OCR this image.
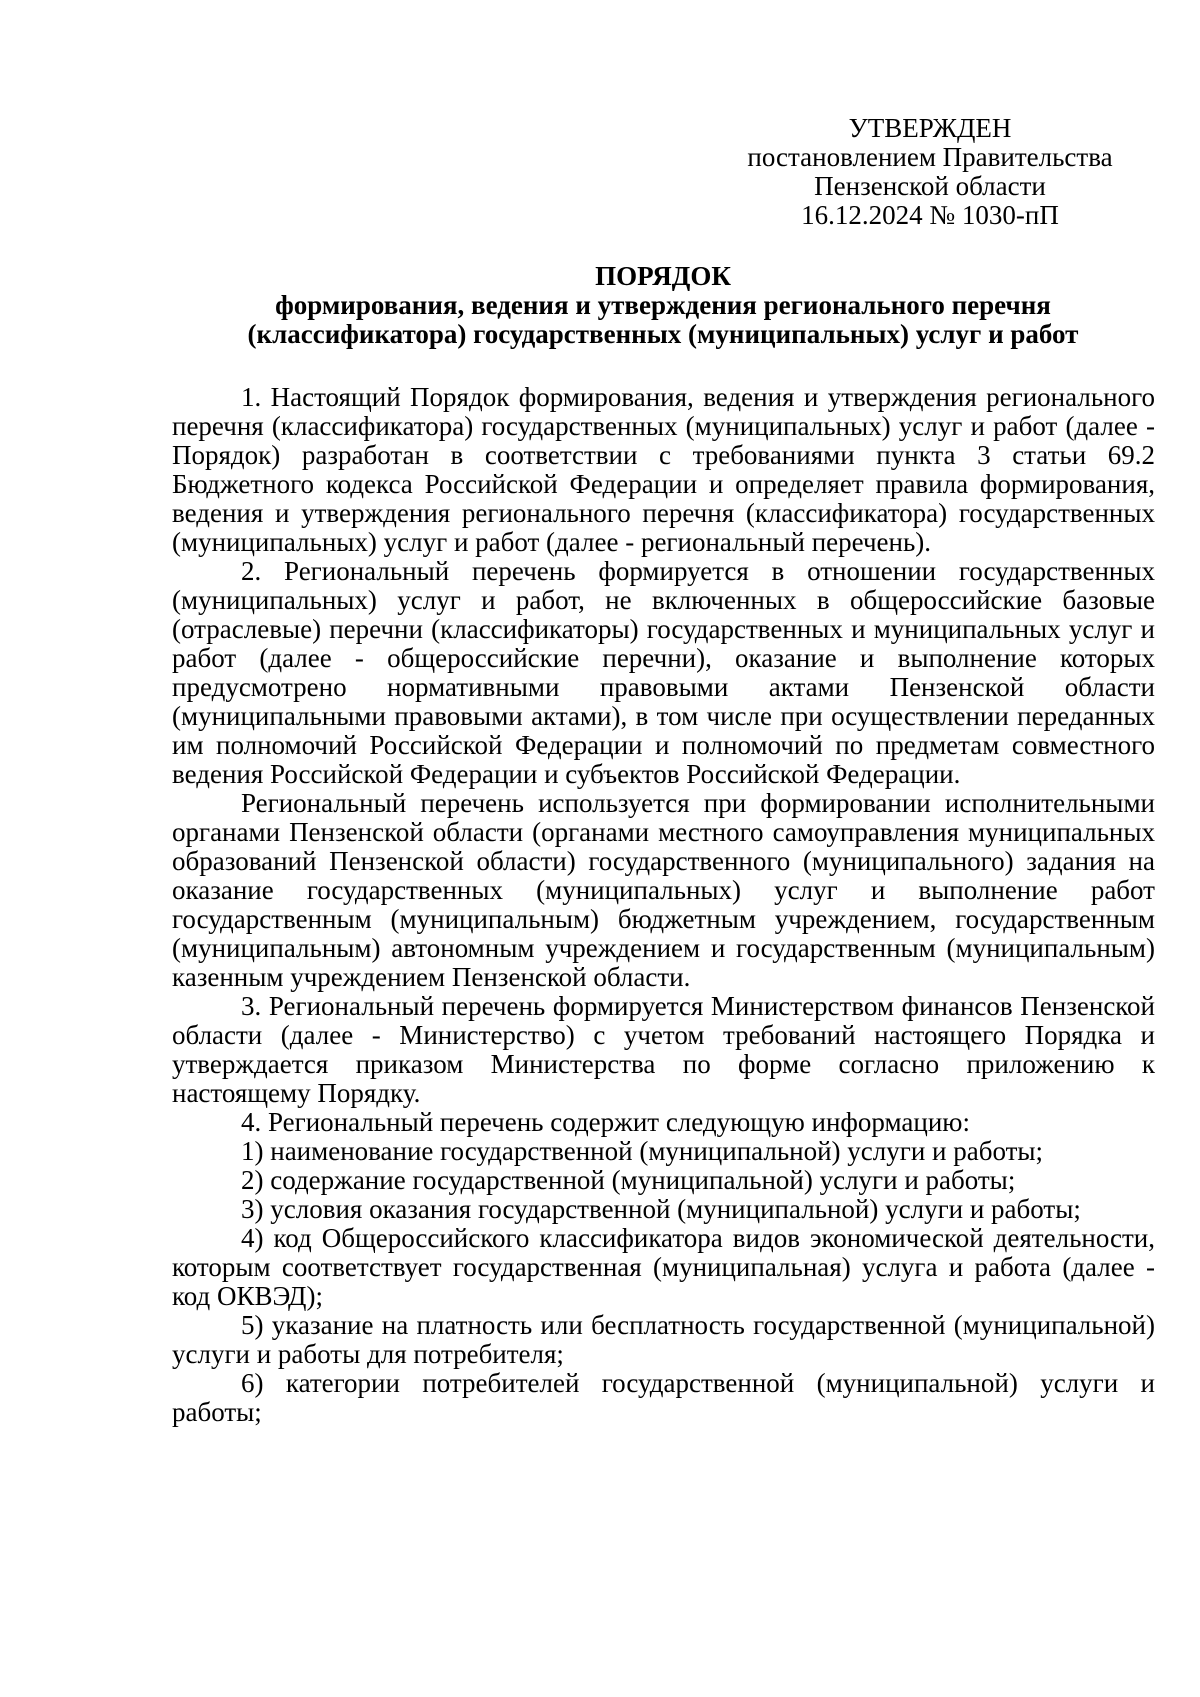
УТВЕРЖДЕН
постановлением Правительства
Пензенской области
16.12.2024 № 1030-пП
ПОРЯДОК
формирования, ведения и утверждения регионального перечня
(классификатора) государственных (муниципальных) услуг и работ

1. Настоящий Порядок формирования, ведения и утверждения регионального перечня (классификатора) государственных (муниципальных) услуг и работ (далее - Порядок) разработан в соответствии с требованиями пункта 3 статьи 69.2 Бюджетного кодекса Российской Федерации и определяет правила формирования, ведения и утверждения регионального перечня (классификатора) государственных (муниципальных) услуг и работ (далее - региональный перечень).

2. Региональный перечень формируется в отношении государственных (муниципальных) услуг и работ, не включенных в общероссийские базовые (отраслевые) перечни (классификаторы) государственных и муниципальных услуг и работ (далее - общероссийские перечни), оказание и выполнение которых предусмотрено нормативными правовыми актами Пензенской области (муниципальными правовыми актами), в том числе при осуществлении переданных им полномочий Российской Федерации и полномочий по предметам совместного ведения Российской Федерации и субъектов Российской Федерации.

Региональный перечень используется при формировании исполнительными органами Пензенской области (органами местного самоуправления муниципальных образований Пензенской области) государственного (муниципального) задания на оказание государственных (муниципальных) услуг и выполнение работ государственным (муниципальным) бюджетным учреждением, государственным (муниципальным) автономным учреждением и государственным (муниципальным) казенным учреждением Пензенской области.

3. Региональный перечень формируется Министерством финансов Пензенской области (далее - Министерство) с учетом требований настоящего Порядка и утверждается приказом Министерства по форме согласно приложению к настоящему Порядку.

4. Региональный перечень содержит следующую информацию:

1) наименование государственной (муниципальной) услуги и работы;

2) содержание государственной (муниципальной) услуги и работы;

3) условия оказания государственной (муниципальной) услуги и работы;

4) код Общероссийского классификатора видов экономической деятельности, которым соответствует государственная (муниципальная) услуга и работа (далее - код ОКВЭД);

5) указание на платность или бесплатность государственной (муниципальной) услуги и работы для потребителя;

6) категории потребителей государственной (муниципальной) услуги и работы;
